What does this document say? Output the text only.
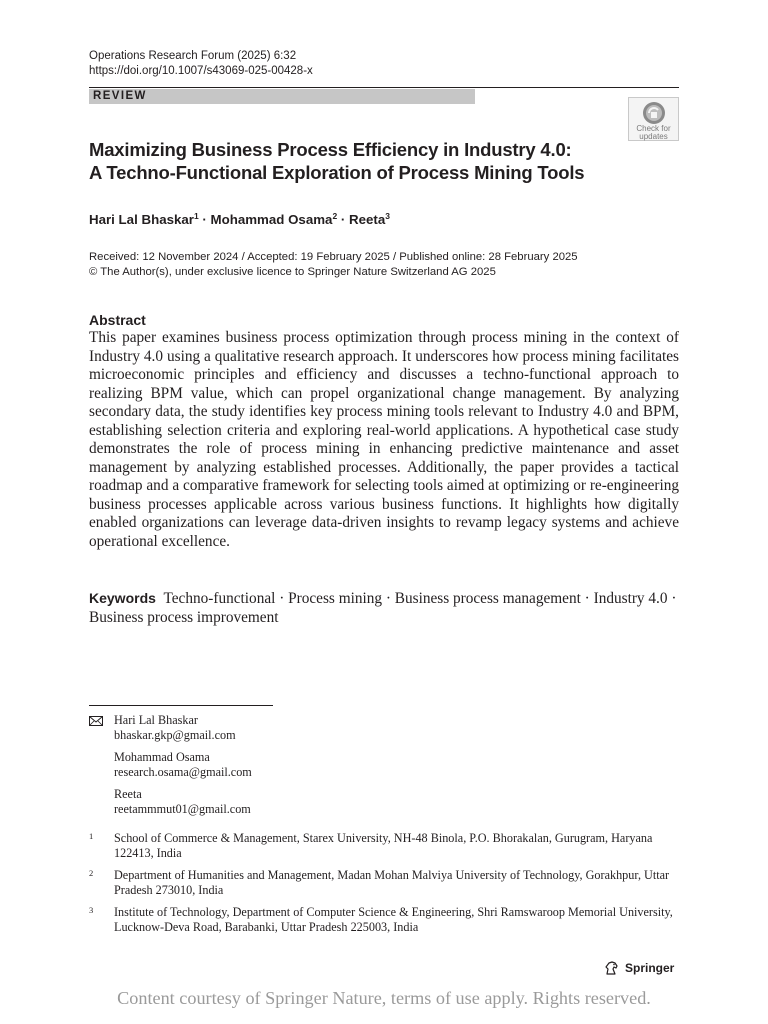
Operations Research Forum (2025) 6:32
https://doi.org/10.1007/s43069-025-00428-x
REVIEW
Check for
updates
Maximizing Business Process Efficiency in Industry 4.0:
A Techno-Functional Exploration of Process Mining Tools
Hari Lal Bhaskar$^1$ · Mohammad Osama$^2$ · Reeta$^3$
Received: 12 November 2024 / Accepted: 19 February 2025 / Published online: 28 February 2025
© The Author(s), under exclusive licence to Springer Nature Switzerland AG 2025
Abstract

This paper examines business process optimization through process mining in the context of Industry 4.0 using a qualitative research approach. It underscores how process mining facilitates microeconomic principles and efficiency and discusses a techno-functional approach to realizing BPM value, which can propel organizational change management. By analyzing secondary data, the study identifies key process mining tools relevant to Industry 4.0 and BPM, establishing selection criteria and exploring real-world applications. A hypothetical case study demonstrates the role of process mining in enhancing predictive maintenance and asset management by analyzing established processes. Additionally, the paper provides a tactical roadmap and a comparative framework for selecting tools aimed at optimizing or re-engineering business processes applicable across various business functions. It highlights how digitally enabled organizations can leverage data-driven insights to revamp legacy systems and achieve operational excellence.

Keywords Techno-functional · Process mining · Business process management · Industry 4.0 · Business process improvement
Hari Lal Bhaskar
bhaskar.gkp@gmail.com
Mohammad Osama
research.osama@gmail.com
Reeta
reetammmut01@gmail.com
1	School of Commerce & Management, Starex University, NH-48 Binola, P.O. Bhorakalan, Gurugram, Haryana 122413, India
2	Department of Humanities and Management, Madan Mohan Malviya University of Technology, Gorakhpur, Uttar Pradesh 273010, India
3	Institute of Technology, Department of Computer Science & Engineering, Shri Ramswaroop Memorial University, Lucknow-Deva Road, Barabanki, Uttar Pradesh 225003, India
Springer
Content courtesy of Springer Nature, terms of use apply. Rights reserved.
